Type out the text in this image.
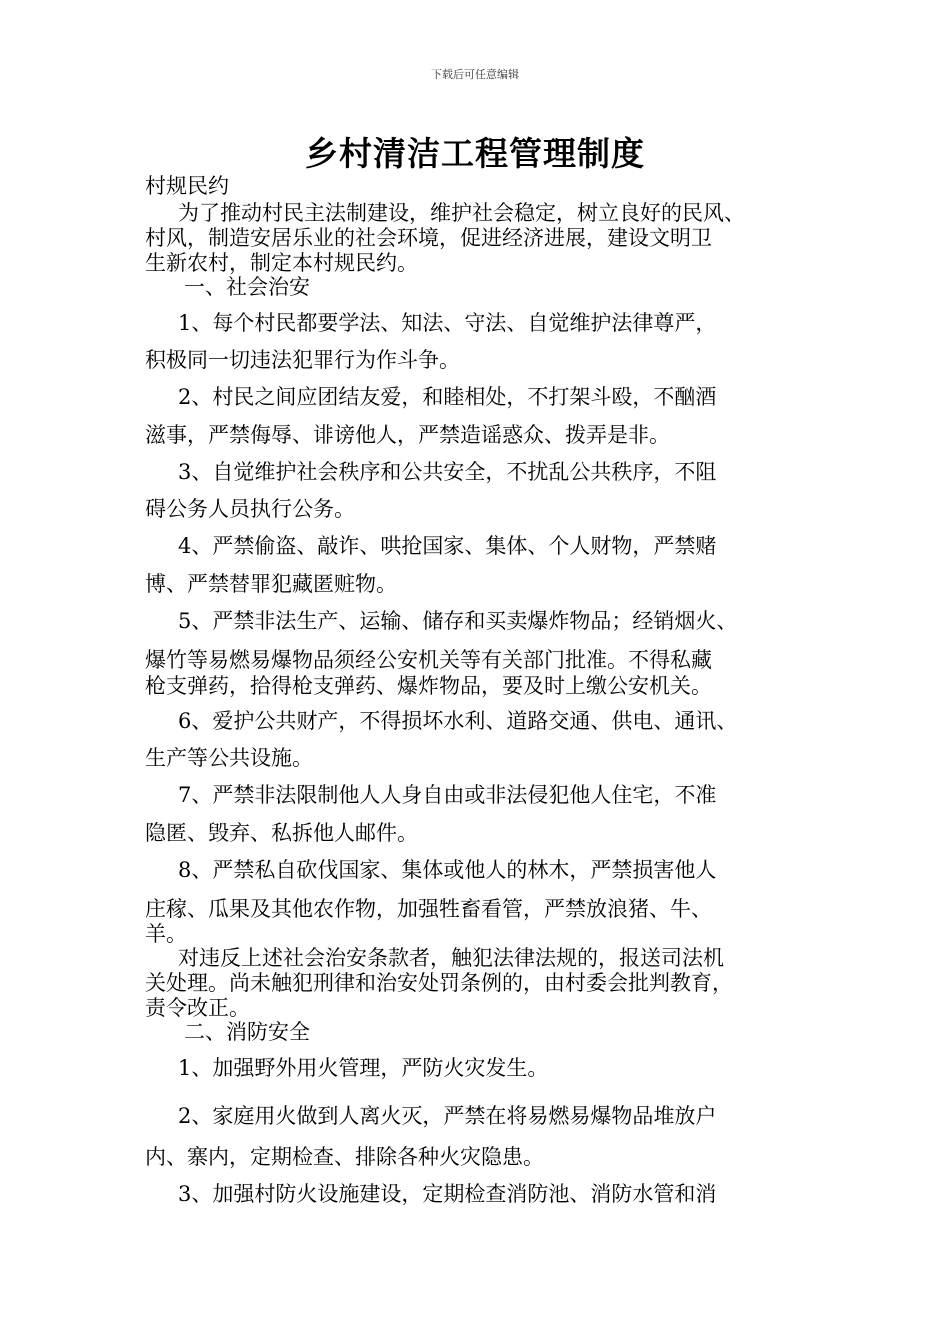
下载后可任意编辑
乡村清洁工程管理制度
村规民约
为了推动村民主法制建设，维护社会稳定，树立良好的民风、
村风，制造安居乐业的社会环境，促进经济进展，建设文明卫
生新农村，制定本村规民约。
一、社会治安
1、每个村民都要学法、知法、守法、自觉维护法律尊严，
积极同一切违法犯罪行为作斗争。
2、村民之间应团结友爱，和睦相处，不打架斗殴，不酗酒
滋事，严禁侮辱、诽谤他人，严禁造谣惑众、拨弄是非。
3、自觉维护社会秩序和公共安全，不扰乱公共秩序，不阻
碍公务人员执行公务。
4、严禁偷盗、敲诈、哄抢国家、集体、个人财物，严禁赌
博、严禁替罪犯藏匿赃物。
5、严禁非法生产、运输、储存和买卖爆炸物品；经销烟火、
爆竹等易燃易爆物品须经公安机关等有关部门批准。不得私藏
枪支弹药，拾得枪支弹药、爆炸物品，要及时上缴公安机关。
6、爱护公共财产，不得损坏水利、道路交通、供电、通讯、
生产等公共设施。
7、严禁非法限制他人人身自由或非法侵犯他人住宅，不准
隐匿、毁弃、私拆他人邮件。
8、严禁私自砍伐国家、集体或他人的林木，严禁损害他人
庄稼、瓜果及其他农作物，加强牲畜看管，严禁放浪猪、牛、
羊。
对违反上述社会治安条款者，触犯法律法规的，报送司法机
关处理。尚未触犯刑律和治安处罚条例的，由村委会批判教育，
责令改正。
二、消防安全
1、加强野外用火管理，严防火灾发生。
2、家庭用火做到人离火灭，严禁在将易燃易爆物品堆放户
内、寨内，定期检查、排除各种火灾隐患。
3、加强村防火设施建设，定期检查消防池、消防水管和消
